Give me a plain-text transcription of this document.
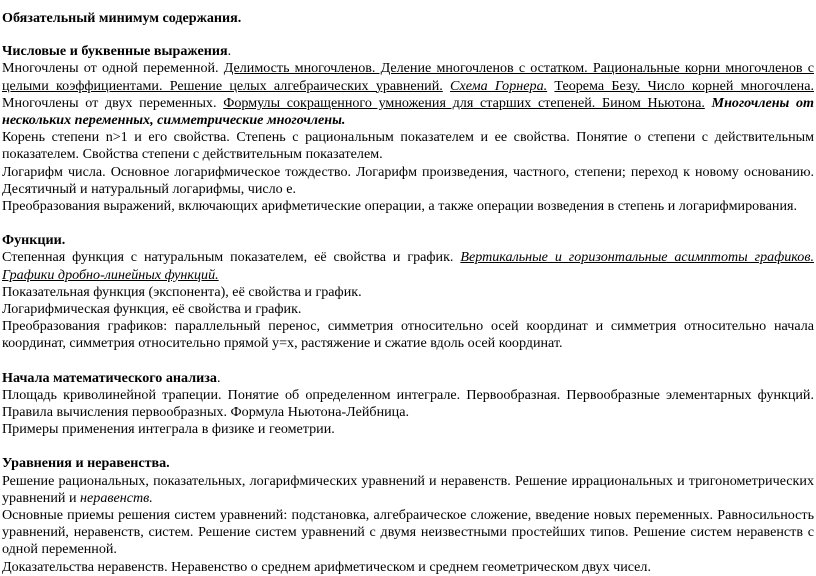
Обязательный минимум содержания.
Числовые и буквенные выражения.

Многочлены от одной переменной. Делимость многочленов. Деление многочленов с остатком. Рациональные корни многочленов с целыми коэффициентами. Решение целых алгебраических уравнений. Схема Горнера. Теорема Безу. Число корней многочлена. Многочлены от двух переменных. Формулы сокращенного умножения для старших степеней. Бином Ньютона. Многочлены от нескольких переменных, симметрические многочлены.

Корень степени n>1 и его свойства. Степень с рациональным показателем и ее свойства. Понятие о степени с действительным показателем. Свойства степени с действительным показателем.

Логарифм числа. Основное логарифмическое тождество. Логарифм произведения, частного, степени; переход к новому основанию. Десятичный и натуральный логарифмы, число е.

Преобразования выражений, включающих арифметические операции, а также операции возведения в степень и логарифмирования.

Функции.

Степенная функция с натуральным показателем, её свойства и график. Вертикальные и горизонтальные асимптоты графиков. Графики дробно-линейных функций.

Показательная функция (экспонента), её свойства и график.

Логарифмическая функция, её свойства и график.

Преобразования графиков: параллельный перенос, симметрия относительно осей координат и симметрия относительно начала координат, симметрия относительно прямой у=х, растяжение и сжатие вдоль осей координат.

Начала математического анализа.

Площадь криволинейной трапеции. Понятие об определенном интеграле. Первообразная. Первообразные элементарных функций. Правила вычисления первообразных. Формула Ньютона-Лейбница.

Примеры применения интеграла в физике и геометрии.

Уравнения и неравенства.

Решение рациональных, показательных, логарифмических уравнений и неравенств. Решение иррациональных и тригонометрических уравнений и неравенств.

Основные приемы решения систем уравнений: подстановка, алгебраическое сложение, введение новых переменных. Равносильность уравнений, неравенств, систем. Решение систем уравнений с двумя неизвестными простейших типов. Решение систем неравенств с одной переменной.

Доказательства неравенств. Неравенство о среднем арифметическом и среднем геометрическом двух чисел.
